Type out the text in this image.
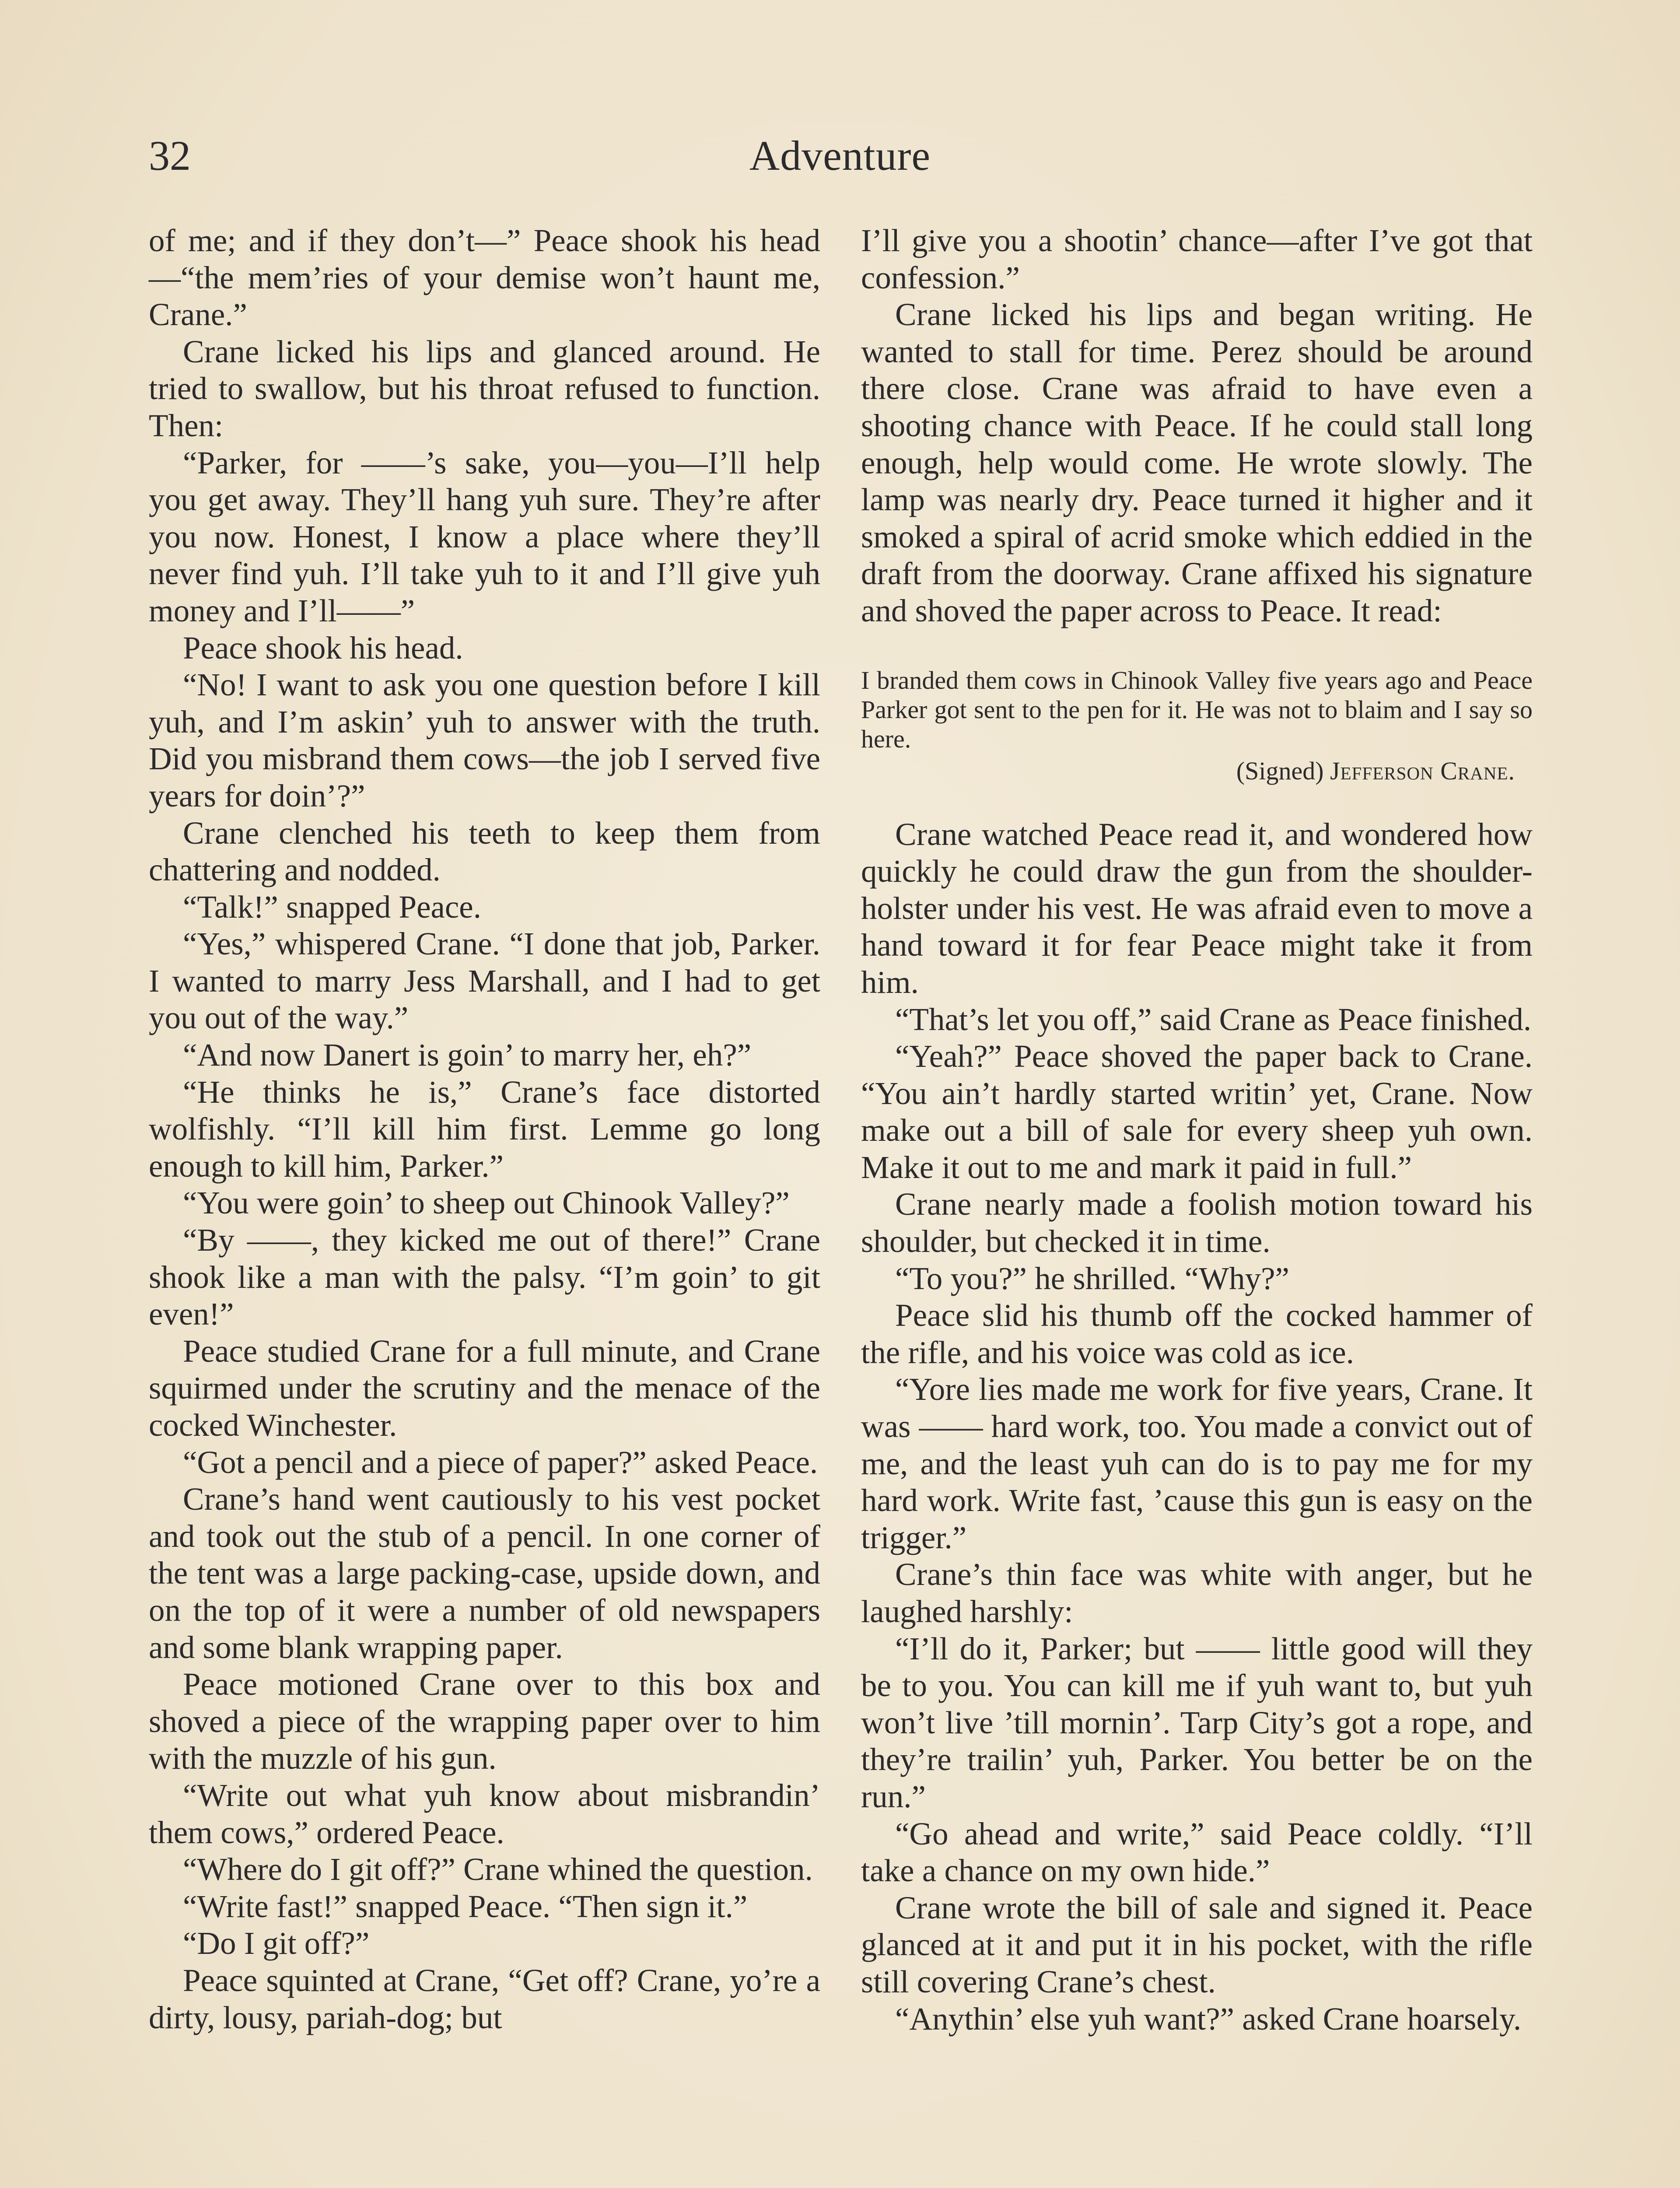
32	Adventure

of me; and if they don’t—” Peace shook his head—“the mem’ries of your demise won’t haunt me, Crane.”

Crane licked his lips and glanced around. He tried to swallow, but his throat refused to function. Then:

“Parker, for ——’s sake, you—you—I’ll help you get away. They’ll hang yuh sure. They’re after you now. Honest, I know a place where they’ll never find yuh. I’ll take yuh to it and I’ll give yuh money and I’ll——”

Peace shook his head.

“No! I want to ask you one question before I kill yuh, and I’m askin’ yuh to answer with the truth. Did you misbrand them cows—the job I served five years for doin’?”

Crane clenched his teeth to keep them from chattering and nodded.

“Talk!” snapped Peace.

“Yes,” whispered Crane. “I done that job, Parker. I wanted to marry Jess Marshall, and I had to get you out of the way.”

“And now Danert is goin’ to marry her, eh?”

“He thinks he is,” Crane’s face distorted wolfishly. “I’ll kill him first. Lemme go long enough to kill him, Parker.”

“You were goin’ to sheep out Chinook Valley?”

“By ——, they kicked me out of there!” Crane shook like a man with the palsy. “I’m goin’ to git even!”

Peace studied Crane for a full minute, and Crane squirmed under the scrutiny and the menace of the cocked Winchester.

“Got a pencil and a piece of paper?” asked Peace.

Crane’s hand went cautiously to his vest pocket and took out the stub of a pencil. In one corner of the tent was a large packing-case, upside down, and on the top of it were a number of old newspapers and some blank wrapping paper.

Peace motioned Crane over to this box and shoved a piece of the wrapping paper over to him with the muzzle of his gun.

“Write out what yuh know about misbrandin’ them cows,” ordered Peace.

“Where do I git off?” Crane whined the question.

“Write fast!” snapped Peace. “Then sign it.”

“Do I git off?”

Peace squinted at Crane, “Get off? Crane, yo’re a dirty, lousy, pariah-dog; but

I’ll give you a shootin’ chance—after I’ve got that confession.”

Crane licked his lips and began writing. He wanted to stall for time. Perez should be around there close. Crane was afraid to have even a shooting chance with Peace. If he could stall long enough, help would come. He wrote slowly. The lamp was nearly dry. Peace turned it higher and it smoked a spiral of acrid smoke which eddied in the draft from the doorway. Crane affixed his signature and shoved the paper across to Peace. It read:

I branded them cows in Chinook Valley five years ago and Peace Parker got sent to the pen for it. He was not to blaim and I say so here.

(Signed) Jefferson Crane.

Crane watched Peace read it, and wondered how quickly he could draw the gun from the shoulder-holster under his vest. He was afraid even to move a hand toward it for fear Peace might take it from him.

“That’s let you off,” said Crane as Peace finished.

“Yeah?” Peace shoved the paper back to Crane. “You ain’t hardly started writin’ yet, Crane. Now make out a bill of sale for every sheep yuh own. Make it out to me and mark it paid in full.”

Crane nearly made a foolish motion toward his shoulder, but checked it in time.

“To you?” he shrilled. “Why?”

Peace slid his thumb off the cocked hammer of the rifle, and his voice was cold as ice.

“Yore lies made me work for five years, Crane. It was —— hard work, too. You made a convict out of me, and the least yuh can do is to pay me for my hard work. Write fast, ’cause this gun is easy on the trigger.”

Crane’s thin face was white with anger, but he laughed harshly:

“I’ll do it, Parker; but —— little good will they be to you. You can kill me if yuh want to, but yuh won’t live ’till mornin’. Tarp City’s got a rope, and they’re trailin’ yuh, Parker. You better be on the run.”

“Go ahead and write,” said Peace coldly. “I’ll take a chance on my own hide.”

Crane wrote the bill of sale and signed it. Peace glanced at it and put it in his pocket, with the rifle still covering Crane’s chest.

“Anythin’ else yuh want?” asked Crane hoarsely.
